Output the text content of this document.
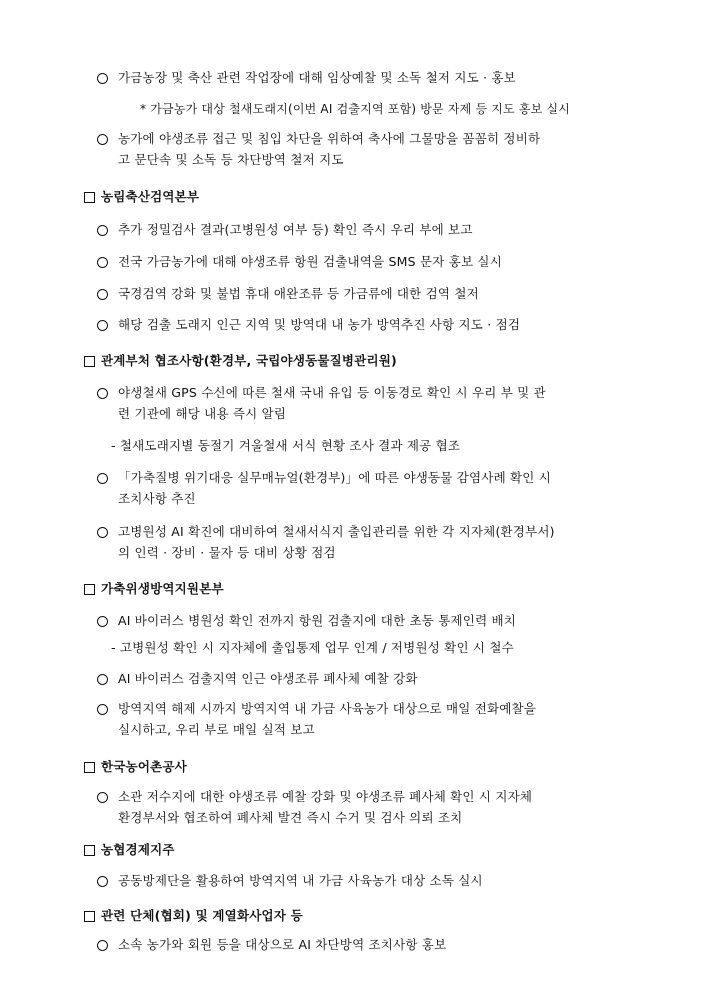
가금농장 및 축산 관련 작업장에 대해 임상예찰 및 소독 철저 지도 · 홍보
* 가금농가 대상 철새도래지(이번 AI 검출지역 포함) 방문 자제 등 지도 홍보 실시
농가에 야생조류 접근 및 침입 차단을 위하여 축사에 그물망을 꼼꼼히 정비하
고 문단속 및 소독 등 차단방역 철저 지도
농림축산검역본부
추가 정밀검사 결과(고병원성 여부 등) 확인 즉시 우리 부에 보고
전국 가금농가에 대해 야생조류 항원 검출내역을 SMS 문자 홍보 실시
국경검역 강화 및 불법 휴대 애완조류 등 가금류에 대한 검역 철저
해당 검출 도래지 인근 지역 및 방역대 내 농가 방역추진 사항 지도 · 점검
관계부처 협조사항(환경부, 국립야생동물질병관리원)
야생철새 GPS 수신에 따른 철새 국내 유입 등 이동경로 확인 시 우리 부 및 관
련 기관에 해당 내용 즉시 알림
- 철새도래지별 동절기 겨울철새 서식 현황 조사 결과 제공 협조
「가축질병 위기대응 실무매뉴얼(환경부)」에 따른 야생동물 감염사례 확인 시
조치사항 추진
고병원성 AI 확진에 대비하여 철새서식지 출입관리를 위한 각 지자체(환경부서)
의 인력 · 장비 · 물자 등 대비 상황 점검
가축위생방역지원본부
AI 바이러스 병원성 확인 전까지 항원 검출지에 대한 초동 통제인력 배치
- 고병원성 확인 시 지자체에 출입통제 업무 인계 / 저병원성 확인 시 철수
AI 바이러스 검출지역 인근 야생조류 폐사체 예찰 강화
방역지역 해제 시까지 방역지역 내 가금 사육농가 대상으로 매일 전화예찰을
실시하고, 우리 부로 매일 실적 보고
한국농어촌공사
소관 저수지에 대한 야생조류 예찰 강화 및 야생조류 폐사체 확인 시 지자체
환경부서와 협조하여 폐사체 발견 즉시 수거 및 검사 의뢰 조치
농협경제지주
공동방제단을 활용하여 방역지역 내 가금 사육농가 대상 소독 실시
관련 단체(협회) 및 계열화사업자 등
소속 농가와 회원 등을 대상으로 AI 차단방역 조치사항 홍보
